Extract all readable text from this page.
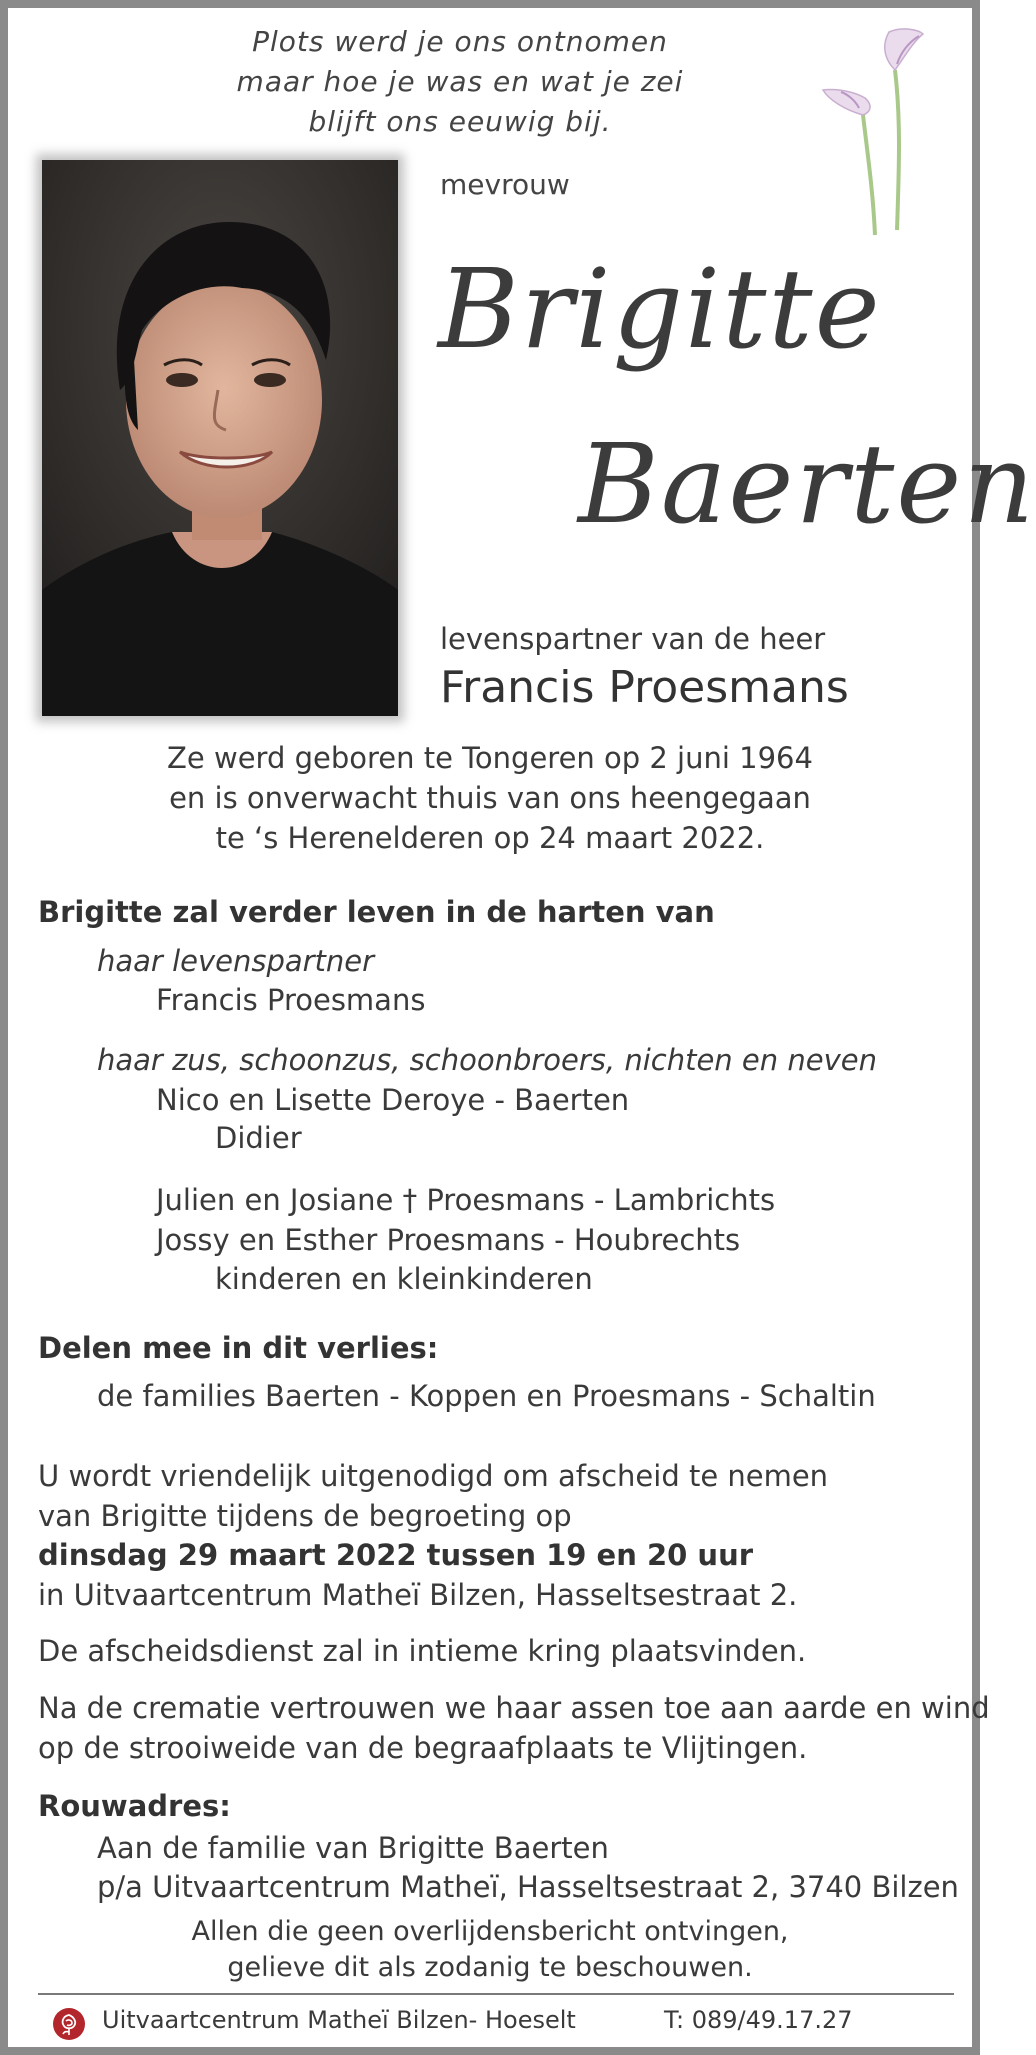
Plots werd je ons ontnomen
maar hoe je was en wat je zei
blijft ons eeuwig bij.
mevrouw
Brigitte
Baerten
levenspartner van de heer
Francis Proesmans
Ze werd geboren te Tongeren op 2 juni 1964
en is onverwacht thuis van ons heengegaan
te ‘s Herenelderen op 24 maart 2022.
Brigitte zal verder leven in de harten van
haar levenspartner
Francis Proesmans
haar zus, schoonzus, schoonbroers, nichten en neven
Nico en Lisette Deroye - Baerten
Didier
Julien en Josiane † Proesmans - Lambrichts
Jossy en Esther Proesmans - Houbrechts
kinderen en kleinkinderen
Delen mee in dit verlies:
de families Baerten - Koppen en Proesmans - Schaltin
U wordt vriendelijk uitgenodigd om afscheid te nemen
van Brigitte tijdens de begroeting op
dinsdag 29 maart 2022 tussen 19 en 20 uur
in Uitvaartcentrum Matheï Bilzen, Hasseltsestraat 2.
De afscheidsdienst zal in intieme kring plaatsvinden.
Na de crematie vertrouwen we haar assen toe aan aarde en wind
op de strooiweide van de begraafplaats te Vlijtingen.
Rouwadres:
Aan de familie van Brigitte Baerten
p/a Uitvaartcentrum Matheï, Hasseltsestraat 2, 3740 Bilzen
Allen die geen overlijdensbericht ontvingen,
gelieve dit als zodanig te beschouwen.
Uitvaartcentrum Matheï Bilzen- Hoeselt	T: 089/49.17.27
